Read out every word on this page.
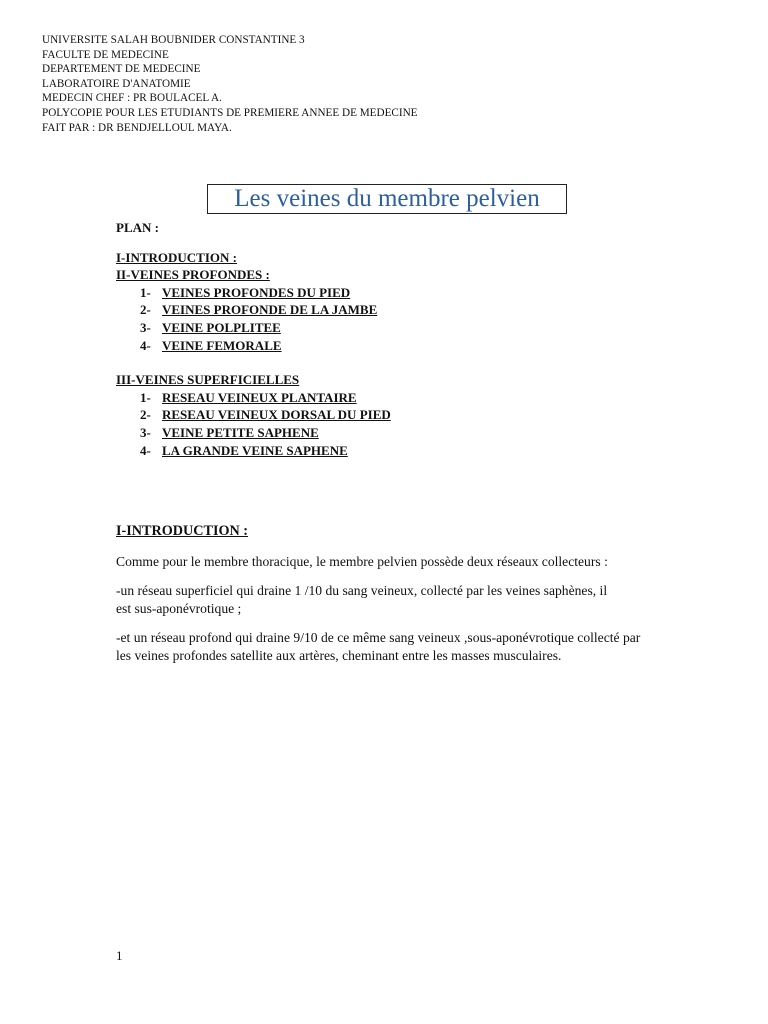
UNIVERSITE SALAH BOUBNIDER CONSTANTINE 3
FACULTE DE MEDECINE
DEPARTEMENT DE MEDECINE
LABORATOIRE D'ANATOMIE
MEDECIN CHEF : PR BOULACEL A.
POLYCOPIE POUR LES ETUDIANTS DE PREMIERE ANNEE DE MEDECINE
FAIT PAR : DR BENDJELLOUL MAYA.
Les veines du membre pelvien
PLAN :
I-INTRODUCTION :
II-VEINES PROFONDES :
1- VEINES PROFONDES DU PIED
2- VEINES PROFONDE DE LA JAMBE
3- VEINE POLPLITEE
4- VEINE FEMORALE
III-VEINES SUPERFICIELLES
1- RESEAU VEINEUX PLANTAIRE
2- RESEAU VEINEUX DORSAL DU PIED
3- VEINE PETITE SAPHENE
4- LA GRANDE VEINE SAPHENE
I-INTRODUCTION :

Comme pour le membre thoracique, le membre pelvien possède deux réseaux collecteurs :

-un réseau superficiel qui draine 1 /10 du sang veineux, collecté par les veines saphènes, il est sus-aponévrotique ;

-et un réseau profond qui draine 9/10 de ce même sang veineux ,sous-aponévrotique collecté par les veines profondes satellite aux artères, cheminant entre les masses musculaires.

1
